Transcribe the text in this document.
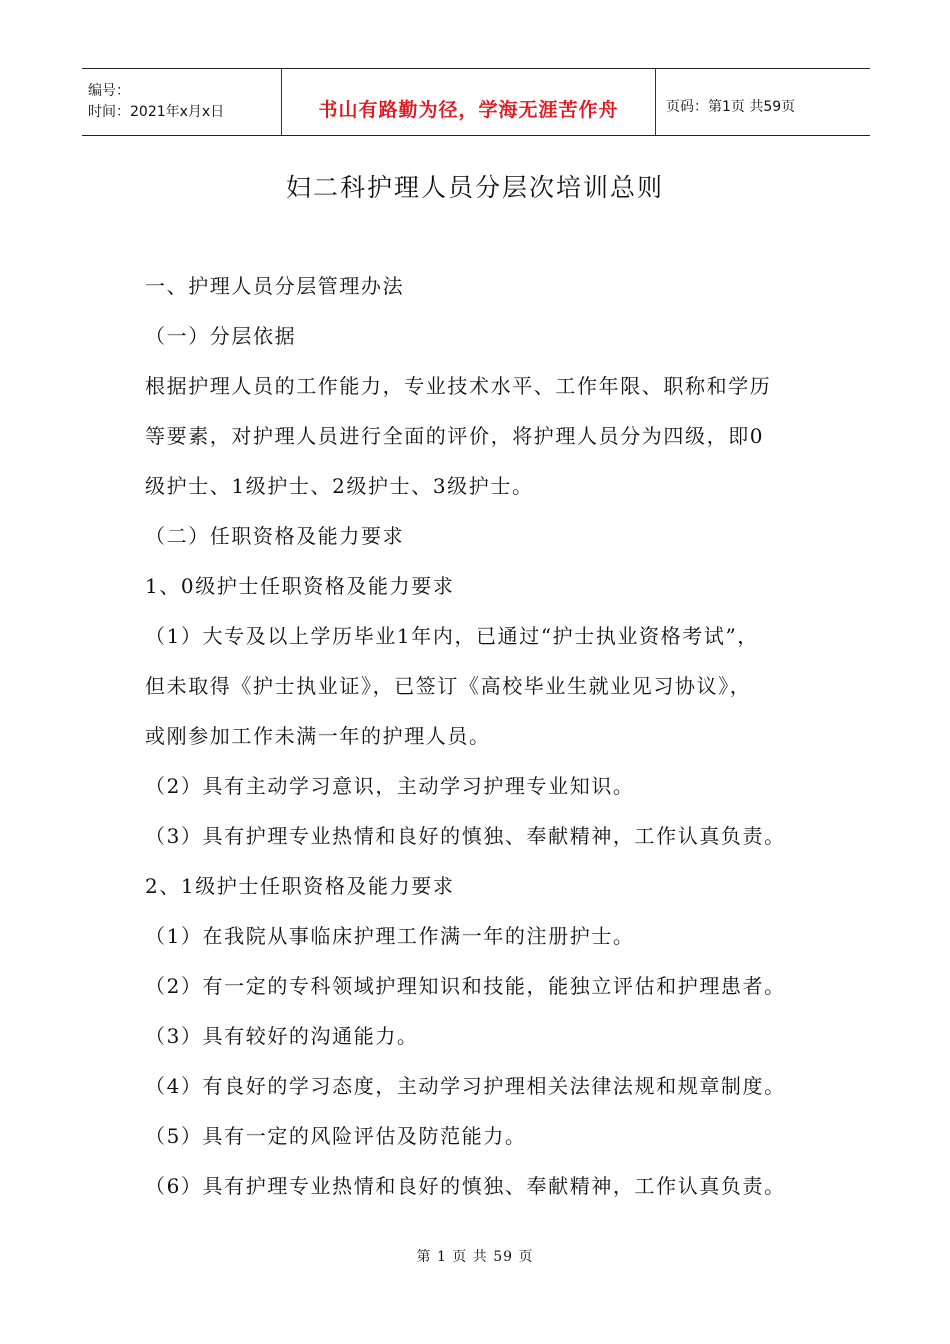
编号：
时间：2021年x月x日	书山有路勤为径，学海无涯苦作舟	页码：第1页 共59页
妇二科护理人员分层次培训总则
一、护理人员分层管理办法
（一）分层依据
根据护理人员的工作能力，专业技术水平、工作年限、职称和学历
等要素，对护理人员进行全面的评价，将护理人员分为四级，即0
级护士、1级护士、2级护士、3级护士。
（二）任职资格及能力要求
1、0级护士任职资格及能力要求
（1）大专及以上学历毕业1年内，已通过“护士执业资格考试”，
但未取得《护士执业证》，已签订《高校毕业生就业见习协议》，
或刚参加工作未满一年的护理人员。
（2）具有主动学习意识，主动学习护理专业知识。
（3）具有护理专业热情和良好的慎独、奉献精神，工作认真负责。
2、1级护士任职资格及能力要求
（1）在我院从事临床护理工作满一年的注册护士。
（2）有一定的专科领域护理知识和技能，能独立评估和护理患者。
（3）具有较好的沟通能力。
（4）有良好的学习态度，主动学习护理相关法律法规和规章制度。
（5）具有一定的风险评估及防范能力。
（6）具有护理专业热情和良好的慎独、奉献精神，工作认真负责。
第 1 页 共 59 页
